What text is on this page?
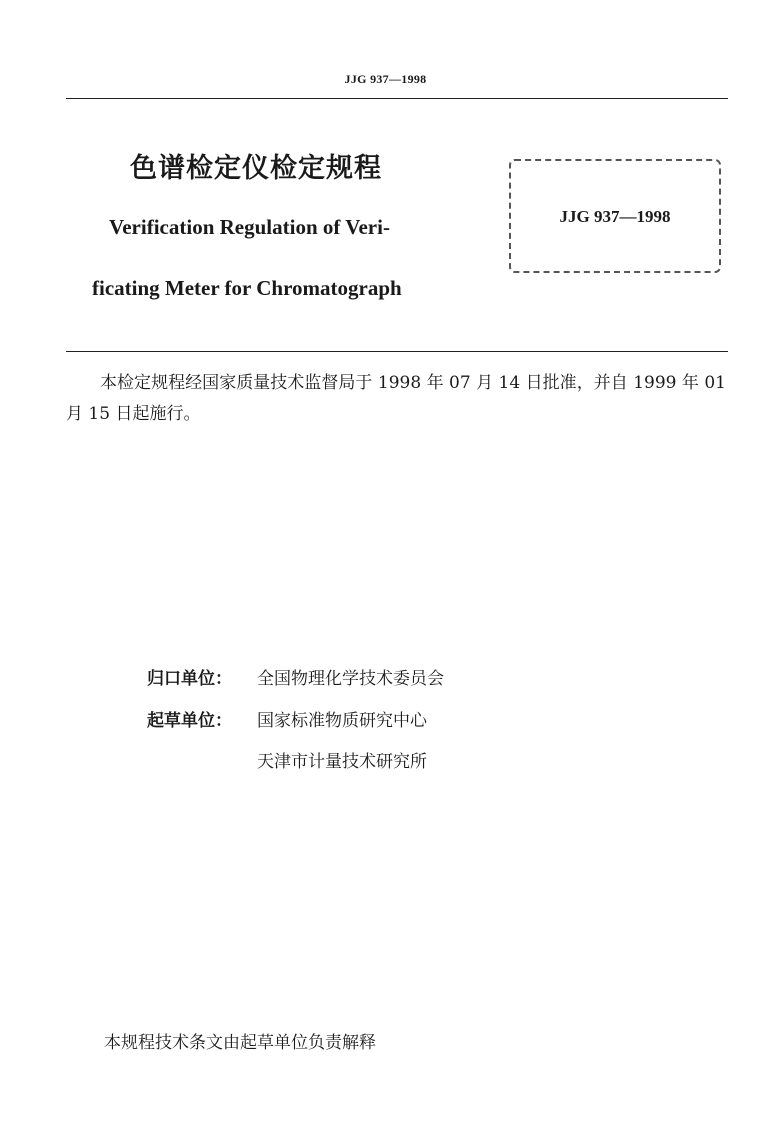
JJG 937—1998
色谱检定仪检定规程
Verification Regulation of Veri-
ficating Meter for Chromatograph
JJG 937—1998
本检定规程经国家质量技术监督局于 1998 年 07 月 14 日批准，并自 1999 年 01 月 15 日起施行。
归口单位： 全国物理化学技术委员会
起草单位： 国家标准物质研究中心
天津市计量技术研究所
本规程技术条文由起草单位负责解释
